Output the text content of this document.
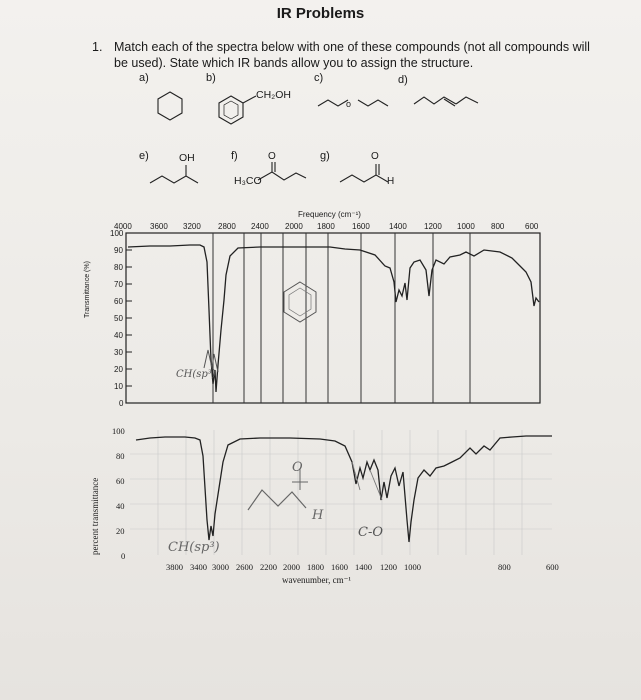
IR Problems
1. Match each of the spectra below with one of these compounds (not all compounds will be used). State which IR bands allow you to assign the structure.
a)	b)	c)	d)
e)	f)	g)
CH₂OH
OH
H₃CO
O	O
H
o
Frequency (cm⁻¹)
4000 3600 3200 2800 2400 2000 1800 1600 1400 1200 1000 800	600
100
90
80
70
60
50
40
30
20
10
0
Transmittance (%)
CH(sp³)
100
80
60
40
20
0
3800 3400 3000 2600 2200 2000 1800 1600 1400 1200 1000	800	600
wavenumber, cm⁻¹
percent transmittance	CH(sp³)
C-O
H
O
